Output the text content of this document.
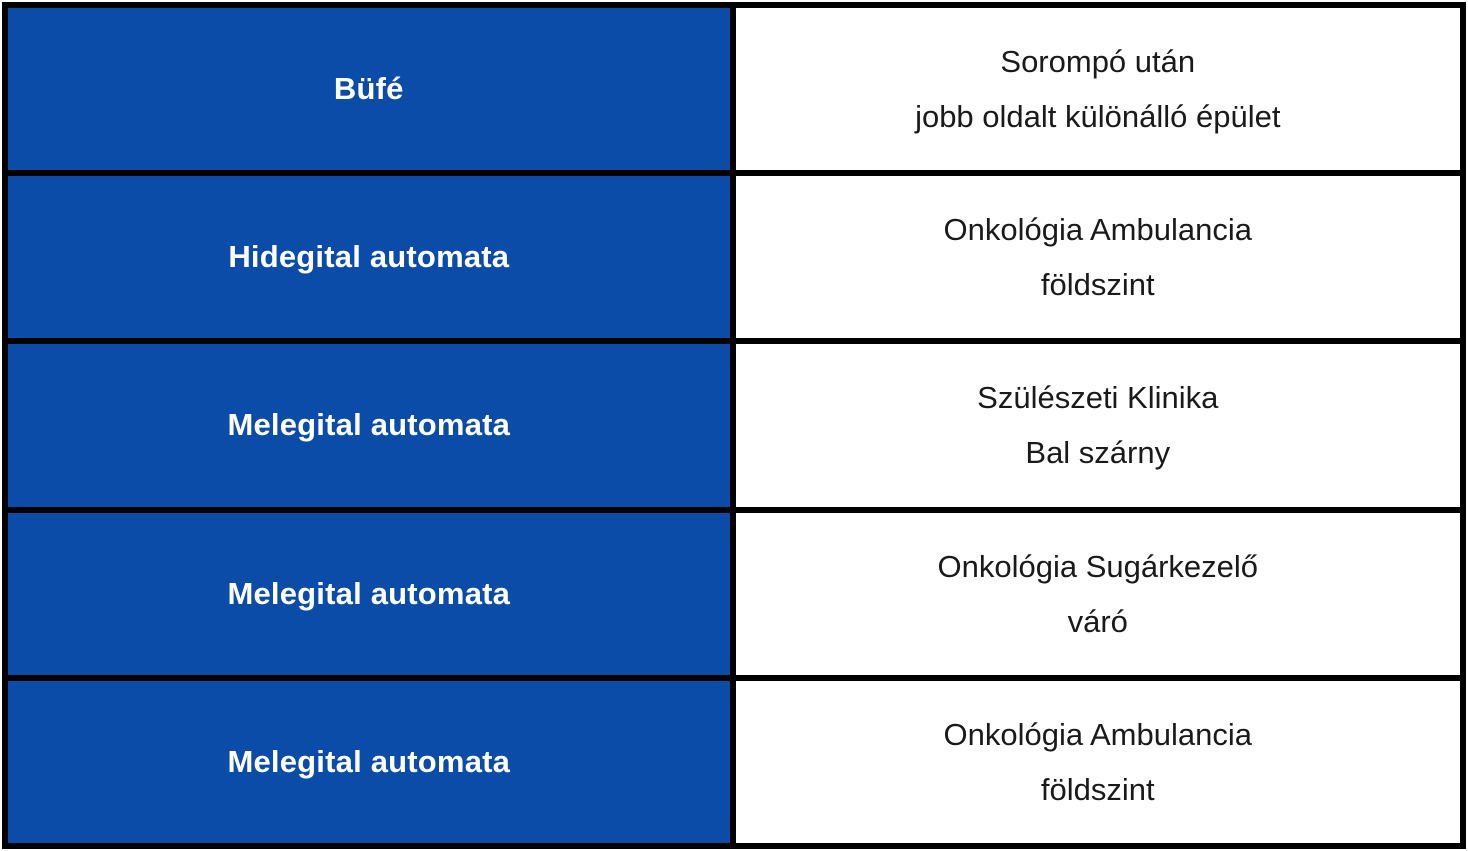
Büfé
Sorompó után
jobb oldalt különálló épület
Hidegital automata
Onkológia Ambulancia
földszint
Melegital automata
Szülészeti Klinika
Bal szárny
Melegital automata
Onkológia Sugárkezelő
váró
Melegital automata
Onkológia Ambulancia
földszint
